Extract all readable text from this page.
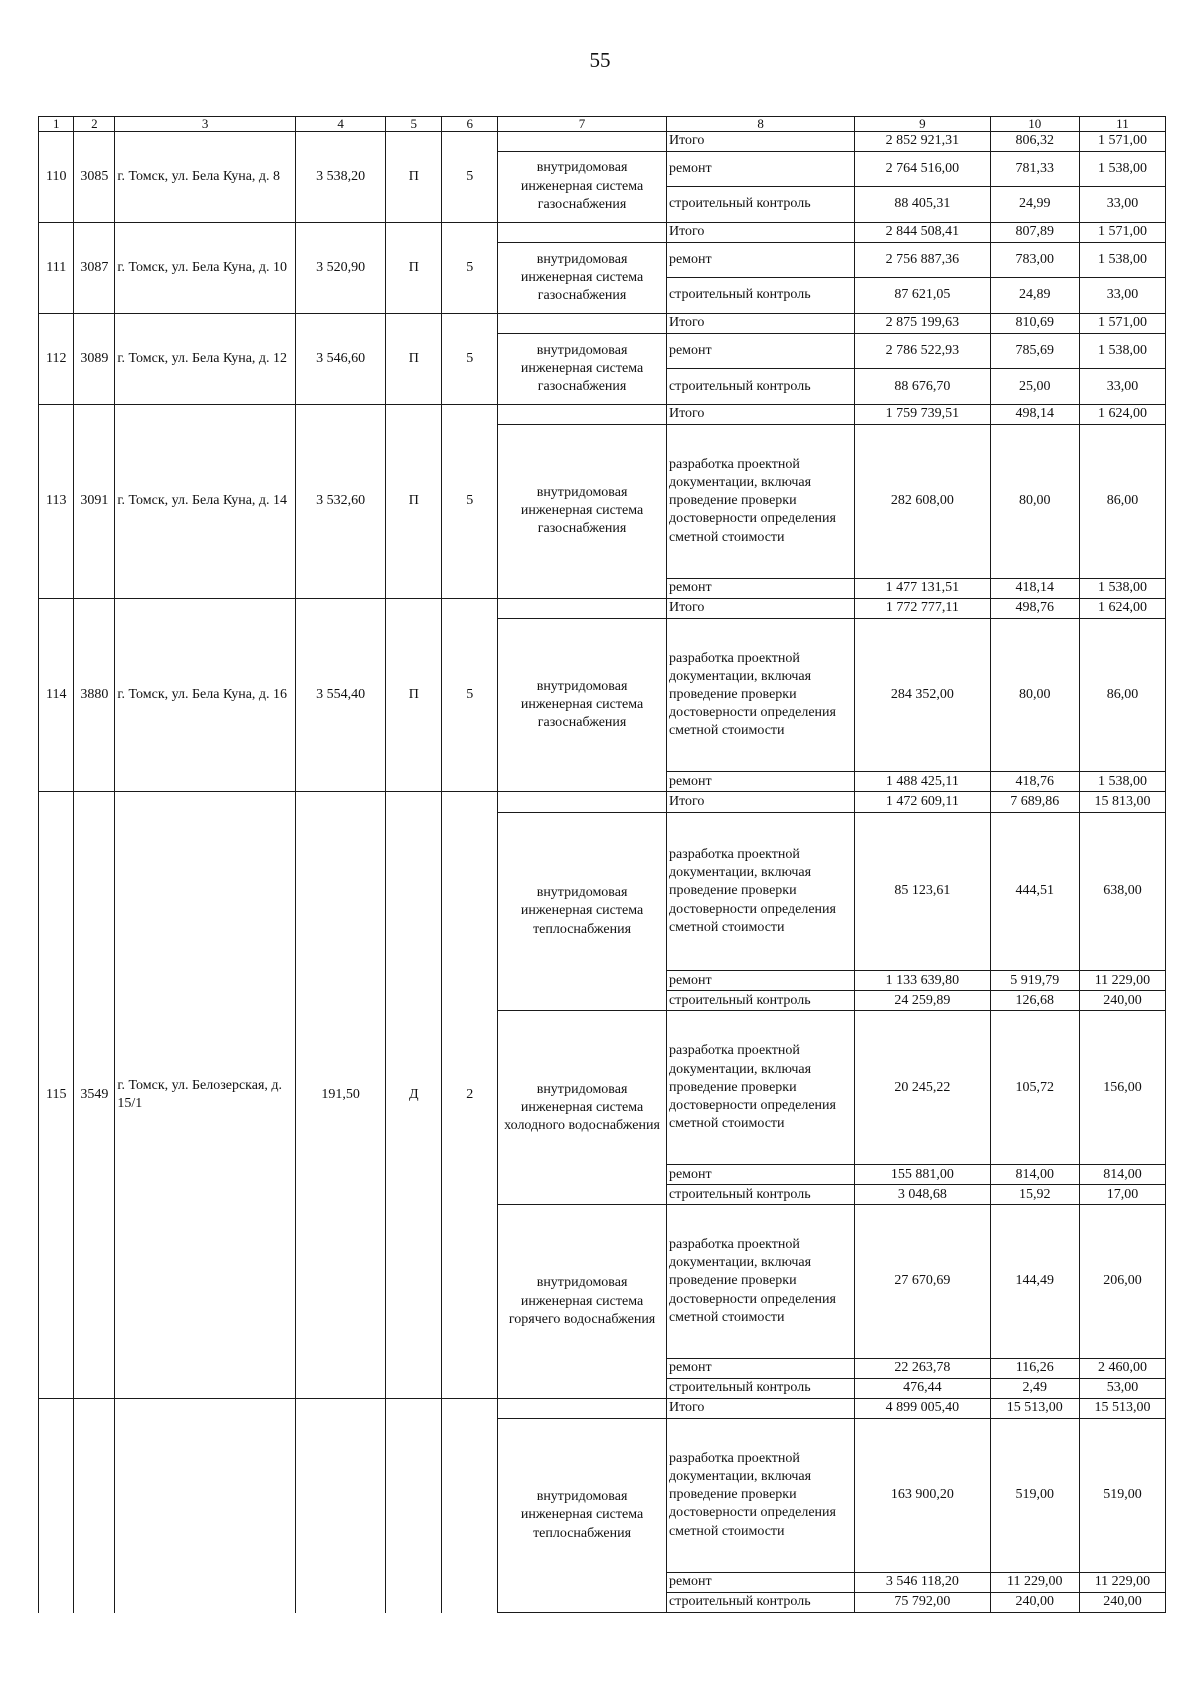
55
1	2	3	4	5	6	7	8	9	10	11
110	3085	г. Томск, ул. Бела Куна, д. 8	3 538,20	П	5		Итого	2 852 921,31	806,32	1 571,00
						внутридомовая инженерная система газоснабжения	ремонт	2 764 516,00	781,33	1 538,00
							строительный контроль	88 405,31	24,99	33,00
111	3087	г. Томск, ул. Бела Куна, д. 10	3 520,90	П	5		Итого	2 844 508,41	807,89	1 571,00
						внутридомовая инженерная система газоснабжения	ремонт	2 756 887,36	783,00	1 538,00
							строительный контроль	87 621,05	24,89	33,00
112	3089	г. Томск, ул. Бела Куна, д. 12	3 546,60	П	5		Итого	2 875 199,63	810,69	1 571,00
						внутридомовая инженерная система газоснабжения	ремонт	2 786 522,93	785,69	1 538,00
							строительный контроль	88 676,70	25,00	33,00
113	3091	г. Томск, ул. Бела Куна, д. 14	3 532,60	П	5		Итого	1 759 739,51	498,14	1 624,00
						внутридомовая инженерная система газоснабжения	разработка проектной документации, включая проведение проверки достоверности определения сметной стоимости	282 608,00	80,00	86,00
							ремонт	1 477 131,51	418,14	1 538,00
114	3880	г. Томск, ул. Бела Куна, д. 16	3 554,40	П	5		Итого	1 772 777,11	498,76	1 624,00
						внутридомовая инженерная система газоснабжения	разработка проектной документации, включая проведение проверки достоверности определения сметной стоимости	284 352,00	80,00	86,00
							ремонт	1 488 425,11	418,76	1 538,00
115	3549	г. Томск, ул. Белозерская, д. 15/1	191,50	Д	2		Итого	1 472 609,11	7 689,86	15 813,00
						внутридомовая инженерная система теплоснабжения	разработка проектной документации, включая проведение проверки достоверности определения сметной стоимости	85 123,61	444,51	638,00
							ремонт	1 133 639,80	5 919,79	11 229,00
							строительный контроль	24 259,89	126,68	240,00
						внутридомовая инженерная система холодного водоснабжения	разработка проектной документации, включая проведение проверки достоверности определения сметной стоимости	20 245,22	105,72	156,00
							ремонт	155 881,00	814,00	814,00
							строительный контроль	3 048,68	15,92	17,00
						внутридомовая инженерная система горячего водоснабжения	разработка проектной документации, включая проведение проверки достоверности определения сметной стоимости	27 670,69	144,49	206,00
							ремонт	22 263,78	116,26	2 460,00
							строительный контроль	476,44	2,49	53,00
							Итого	4 899 005,40	15 513,00	15 513,00
						внутридомовая инженерная система теплоснабжения	разработка проектной документации, включая проведение проверки достоверности определения сметной стоимости	163 900,20	519,00	519,00
							ремонт	3 546 118,20	11 229,00	11 229,00
							строительный контроль	75 792,00	240,00	240,00
